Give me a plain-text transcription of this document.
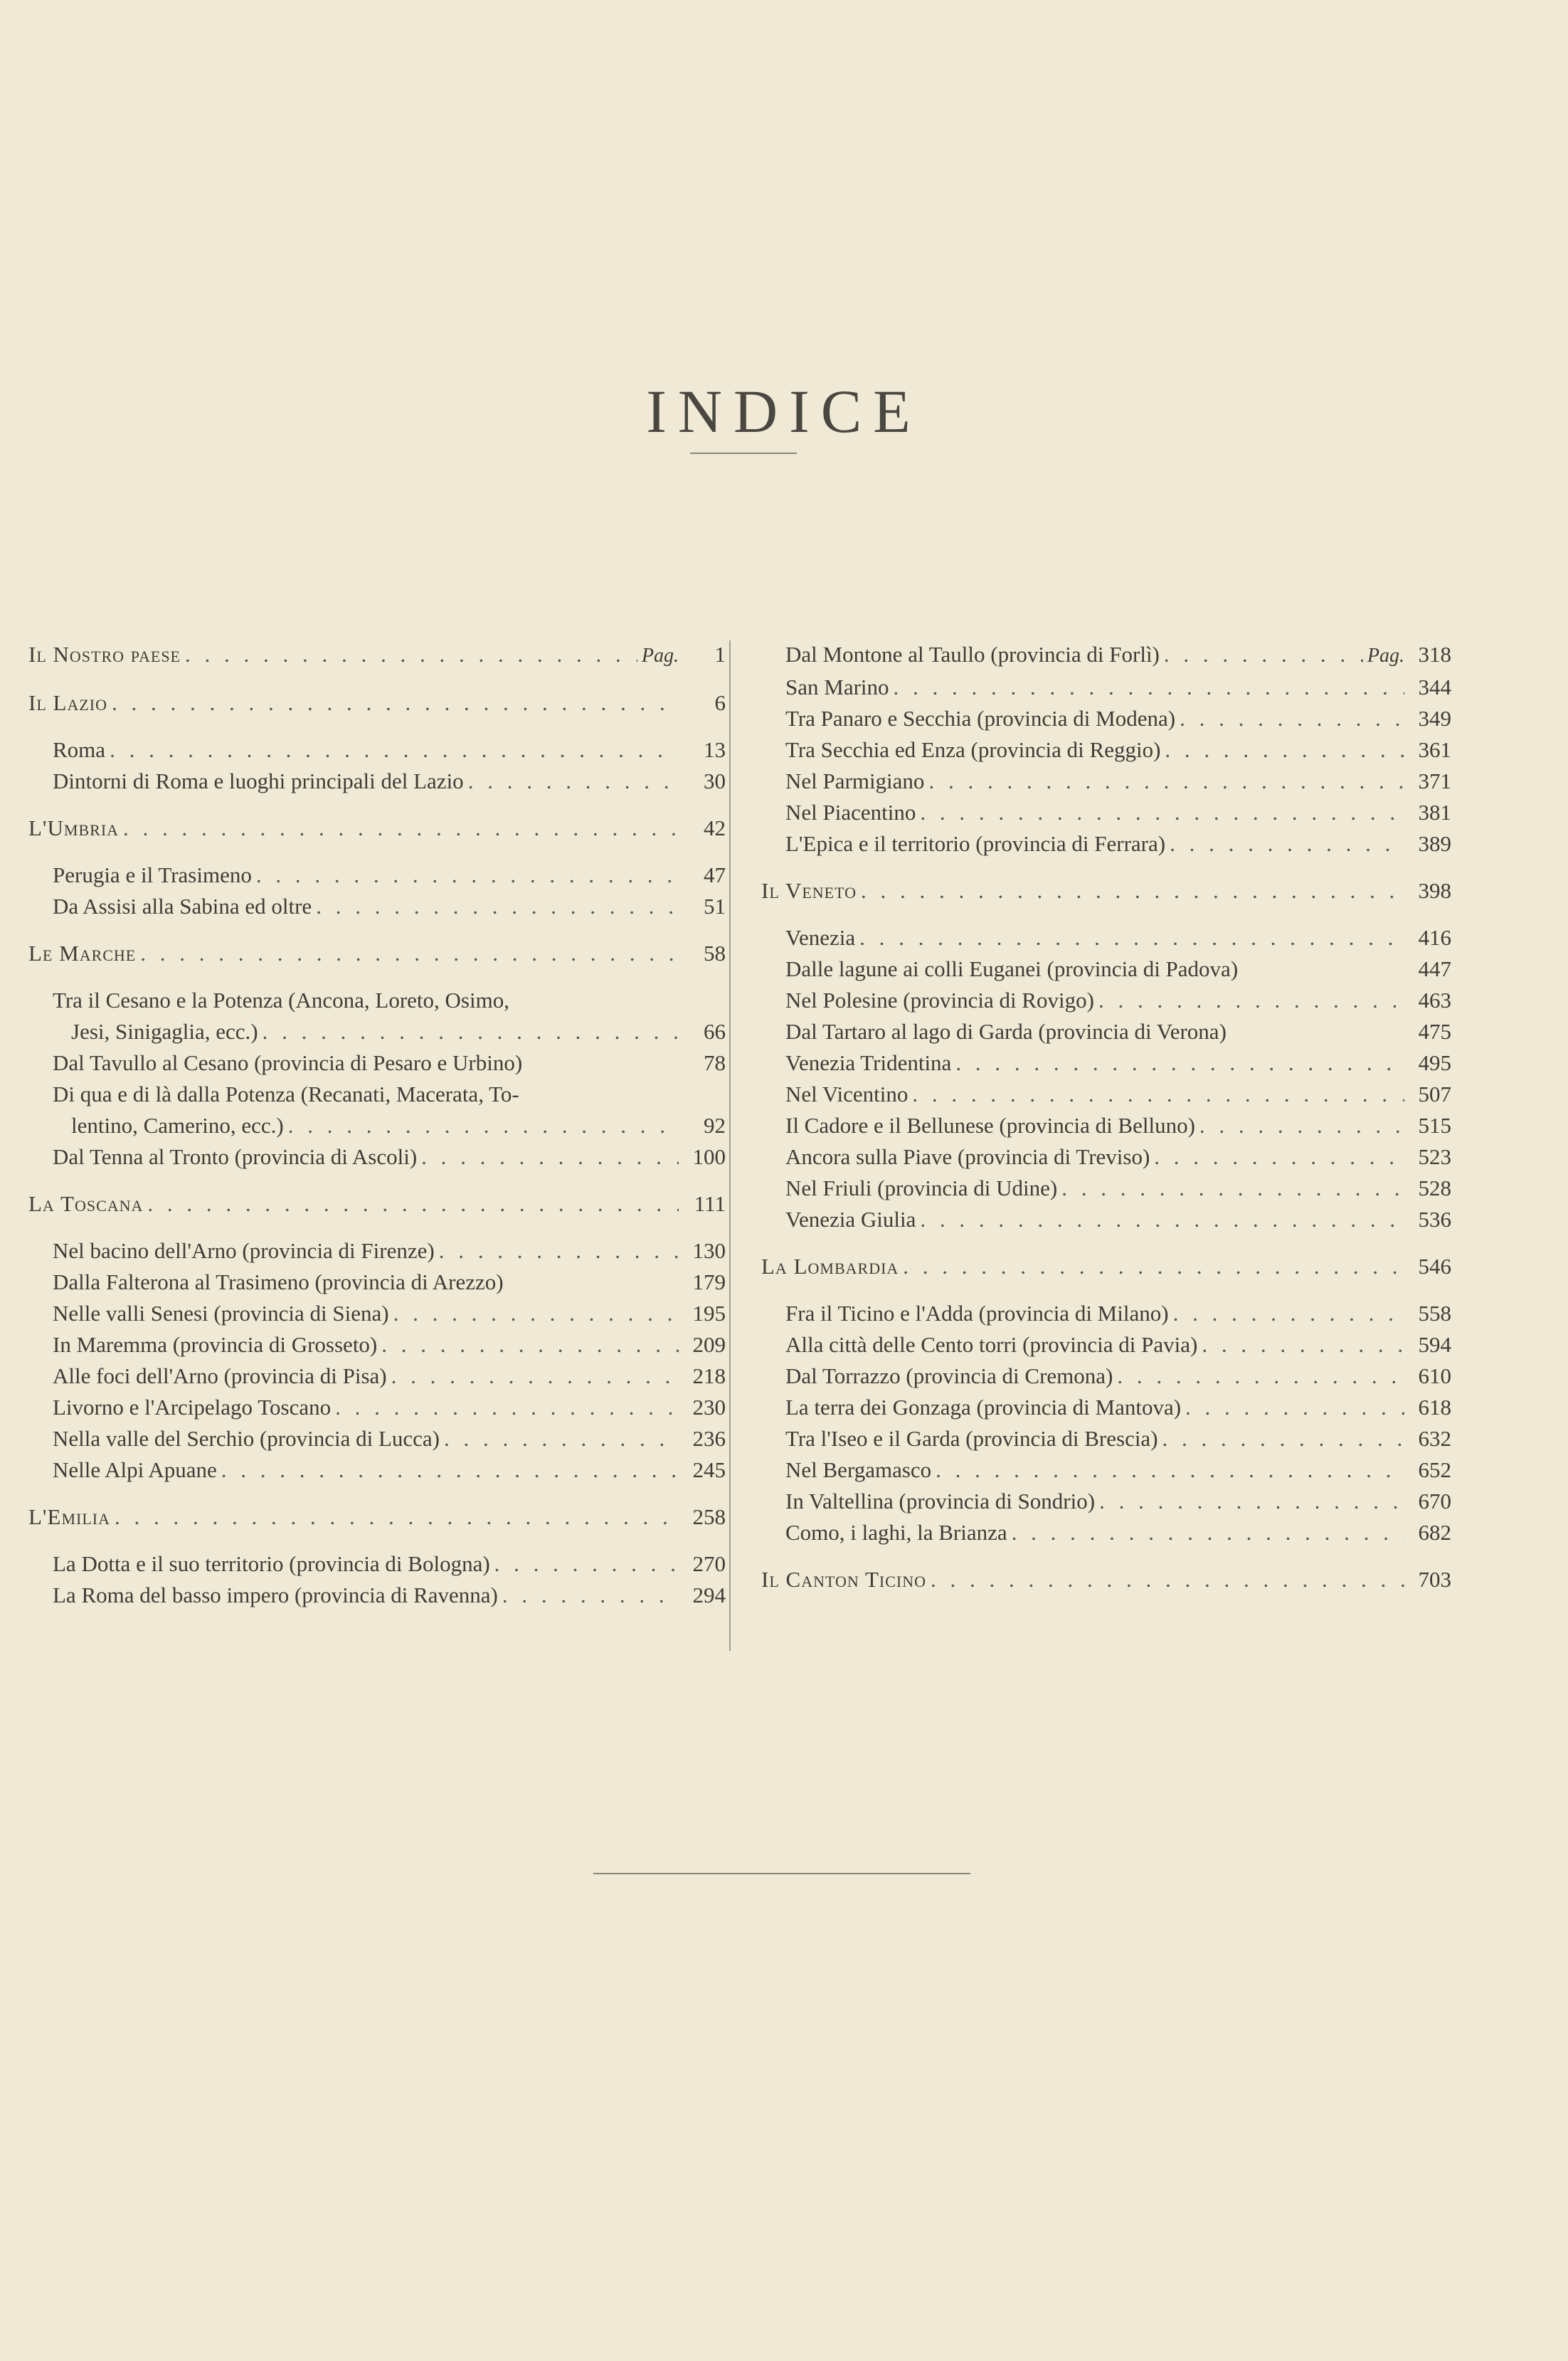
INDICE
Il Nostro paese . . .	Pag.	1
Il Lazio . . .	6
Roma . . .	13
Dintorni di Roma e luoghi principali del Lazio . . .	30
L'Umbria . . .	42
Perugia e il Trasimeno . . .	47
Da Assisi alla Sabina ed oltre . . .	51
Le Marche . . .	58
Tra il Cesano e la Potenza (Ancona, Loreto, Osimo,
Jesi, Sinigaglia, ecc.) . . .	66
Dal Tavullo al Cesano (provincia di Pesaro e Urbino)	78
Di qua e di là dalla Potenza (Recanati, Macerata, To-
lentino, Camerino, ecc.) . . .	92
Dal Tenna al Tronto (provincia di Ascoli) . . .	100
La Toscana . . .	111
Nel bacino dell'Arno (provincia di Firenze) . . .	130
Dalla Falterona al Trasimeno (provincia di Arezzo)	179
Nelle valli Senesi (provincia di Siena) . . .	195
In Maremma (provincia di Grosseto) . . .	209
Alle foci dell'Arno (provincia di Pisa) . . .	218
Livorno e l'Arcipelago Toscano . . .	230
Nella valle del Serchio (provincia di Lucca) . . .	236
Nelle Alpi Apuane . . .	245
L'Emilia . . .	258
La Dotta e il suo territorio (provincia di Bologna) . . .	270
La Roma del basso impero (provincia di Ravenna) . . .	294
Dal Montone al Taullo (provincia di Forlì) . . .	Pag. 318
San Marino . . .	344
Tra Panaro e Secchia (provincia di Modena) . . .	349
Tra Secchia ed Enza (provincia di Reggio) . . .	361
Nel Parmigiano . . .	371
Nel Piacentino . . .	381
L'Epica e il territorio (provincia di Ferrara) . . .	389
Il Veneto . . .	398
Venezia . . .	416
Dalle lagune ai colli Euganei (provincia di Padova)	447
Nel Polesine (provincia di Rovigo) . . .	463
Dal Tartaro al lago di Garda (provincia di Verona)	475
Venezia Tridentina . . .	495
Nel Vicentino . . .	507
Il Cadore e il Bellunese (provincia di Belluno) . . .	515
Ancora sulla Piave (provincia di Treviso) . . .	523
Nel Friuli (provincia di Udine) . . .	528
Venezia Giulia . . .	536
La Lombardia . . .	546
Fra il Ticino e l'Adda (provincia di Milano) . . .	558
Alla città delle Cento torri (provincia di Pavia) . . .	594
Dal Torrazzo (provincia di Cremona) . . .	610
La terra dei Gonzaga (provincia di Mantova) . . .	618
Tra l'Iseo e il Garda (provincia di Brescia) . . .	632
Nel Bergamasco . . .	652
In Valtellina (provincia di Sondrio) . . .	670
Como, i laghi, la Brianza . . .	682
Il Canton Ticino . . .	703
